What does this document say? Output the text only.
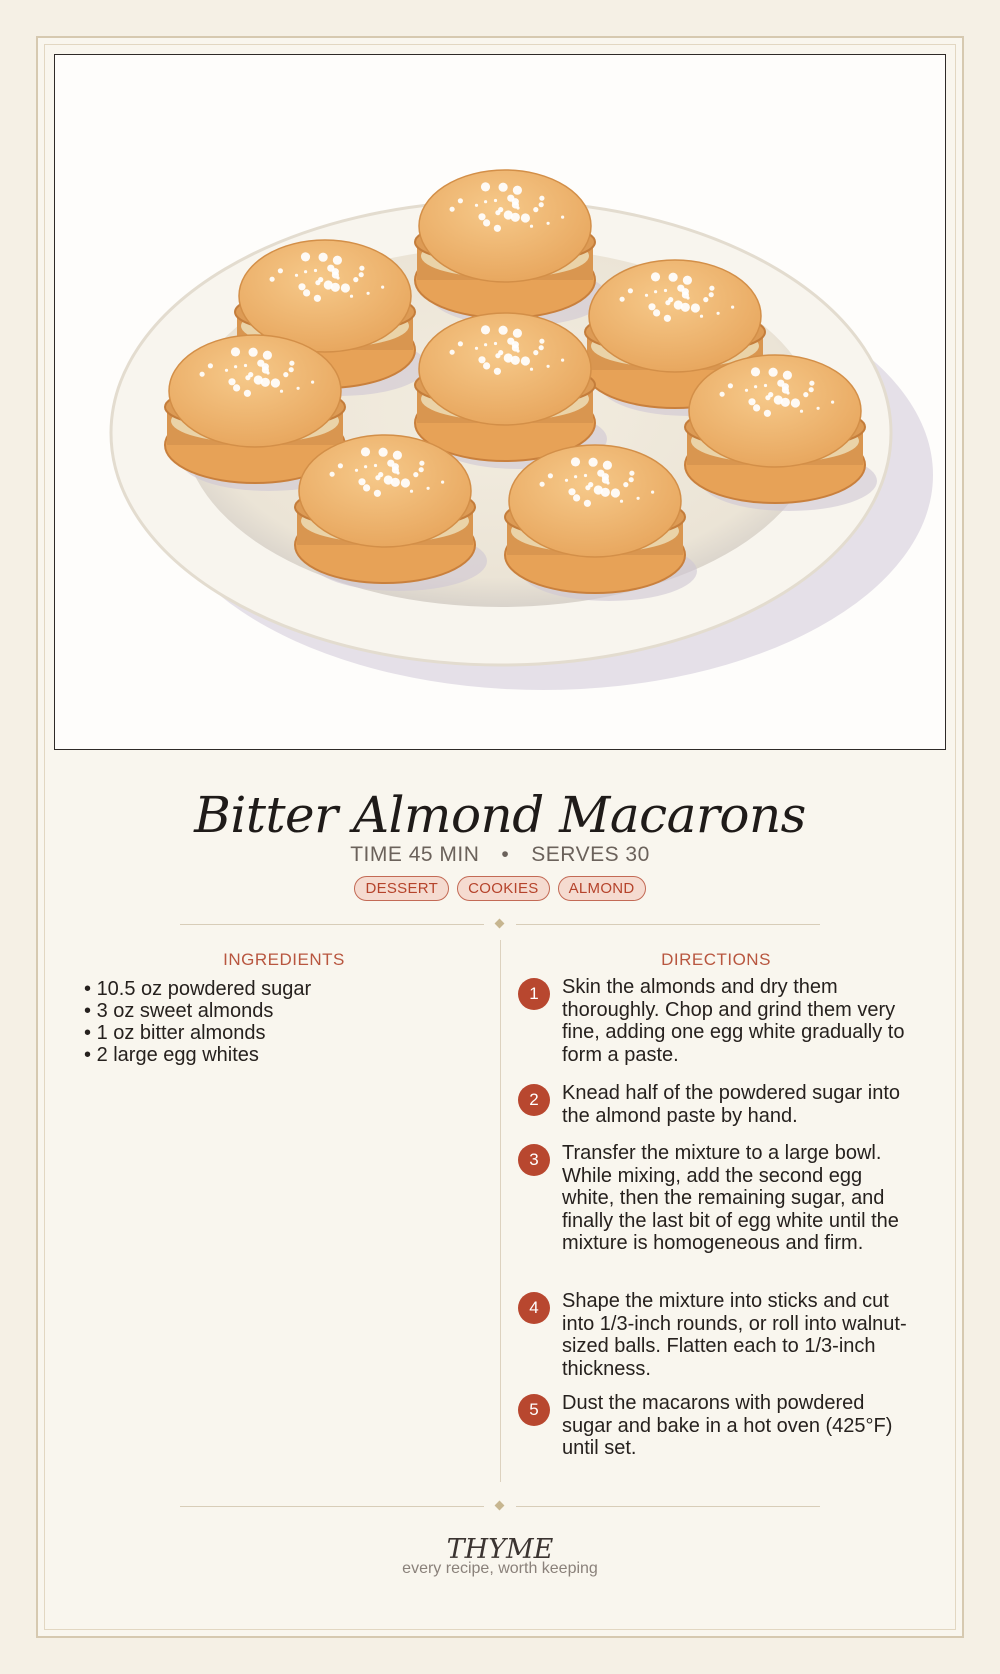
Bitter Almond Macarons
TIME 45 MIN • SERVES 30
DESSERT	COOKIES	ALMOND
INGREDIENTS
• 10.5 oz powdered sugar
• 3 oz sweet almonds
• 1 oz bitter almonds
• 2 large egg whites
DIRECTIONS
1	Skin the almonds and dry them thoroughly. Chop and grind them very fine, adding one egg white gradually to form a paste.
2	Knead half of the powdered sugar into the almond paste by hand.
3	Transfer the mixture to a large bowl. While mixing, add the second egg white, then the remaining sugar, and finally the last bit of egg white until the mixture is homogeneous and firm.
4	Shape the mixture into sticks and cut into 1/3-inch rounds, or roll into walnut-sized balls. Flatten each to 1/3-inch thickness.
5	Dust the macarons with powdered sugar and bake in a hot oven (425°F) until set.
THYME
every recipe, worth keeping
